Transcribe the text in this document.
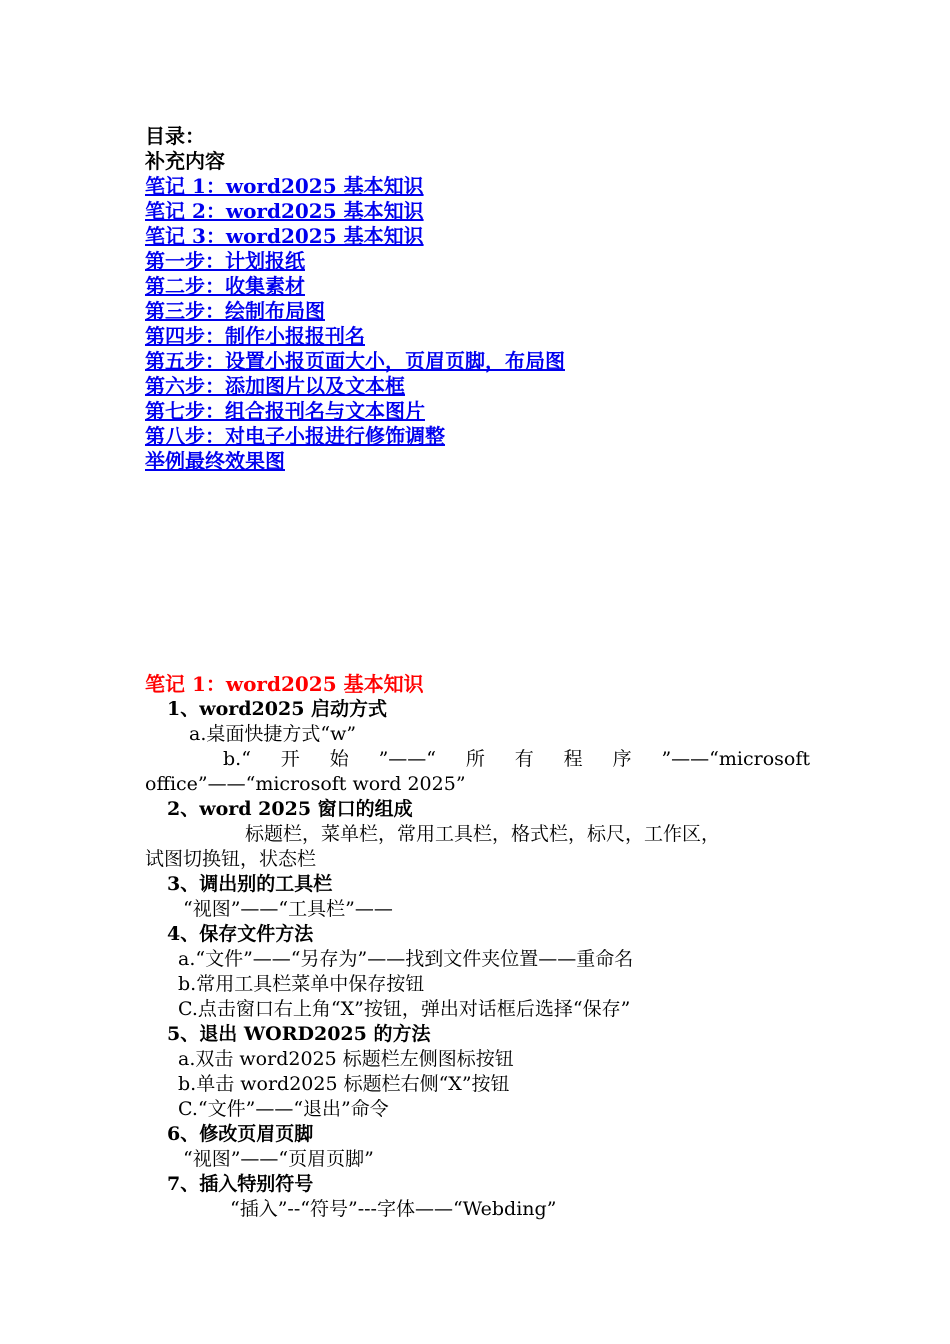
目录：
补充内容
笔记 1：word2025 基本知识
笔记 2：word2025 基本知识
笔记 3：word2025 基本知识
第一步：计划报纸
第二步：收集素材
第三步：绘制布局图
第四步：制作小报报刊名
第五步：设置小报页面大小，页眉页脚，布局图
第六步：添加图片以及文本框
第七步：组合报刊名与文本图片
第八步：对电子小报进行修饰调整
举例最终效果图
笔记 1：word2025 基本知识
1、word2025 启动方式
a.桌面快捷方式“w”
b.“开始”——“所有程序”——“microsoft
office”——“microsoft word 2025”
2、word 2025 窗口的组成
标题栏，菜单栏，常用工具栏，格式栏，标尺，工作区，
试图切换钮，状态栏
3、调出别的工具栏
“视图”——“工具栏”——
4、保存文件方法
a.“文件”——“另存为”——找到文件夹位置——重命名
b.常用工具栏菜单中保存按钮
C.点击窗口右上角“X”按钮，弹出对话框后选择“保存”
5、退出 WORD2025 的方法
a.双击 word2025 标题栏左侧图标按钮
b.单击 word2025 标题栏右侧“X”按钮
C.“文件”——“退出”命令
6、修改页眉页脚
“视图”——“页眉页脚”
7、插入特别符号
“插入”--“符号”---字体——“Webding”
